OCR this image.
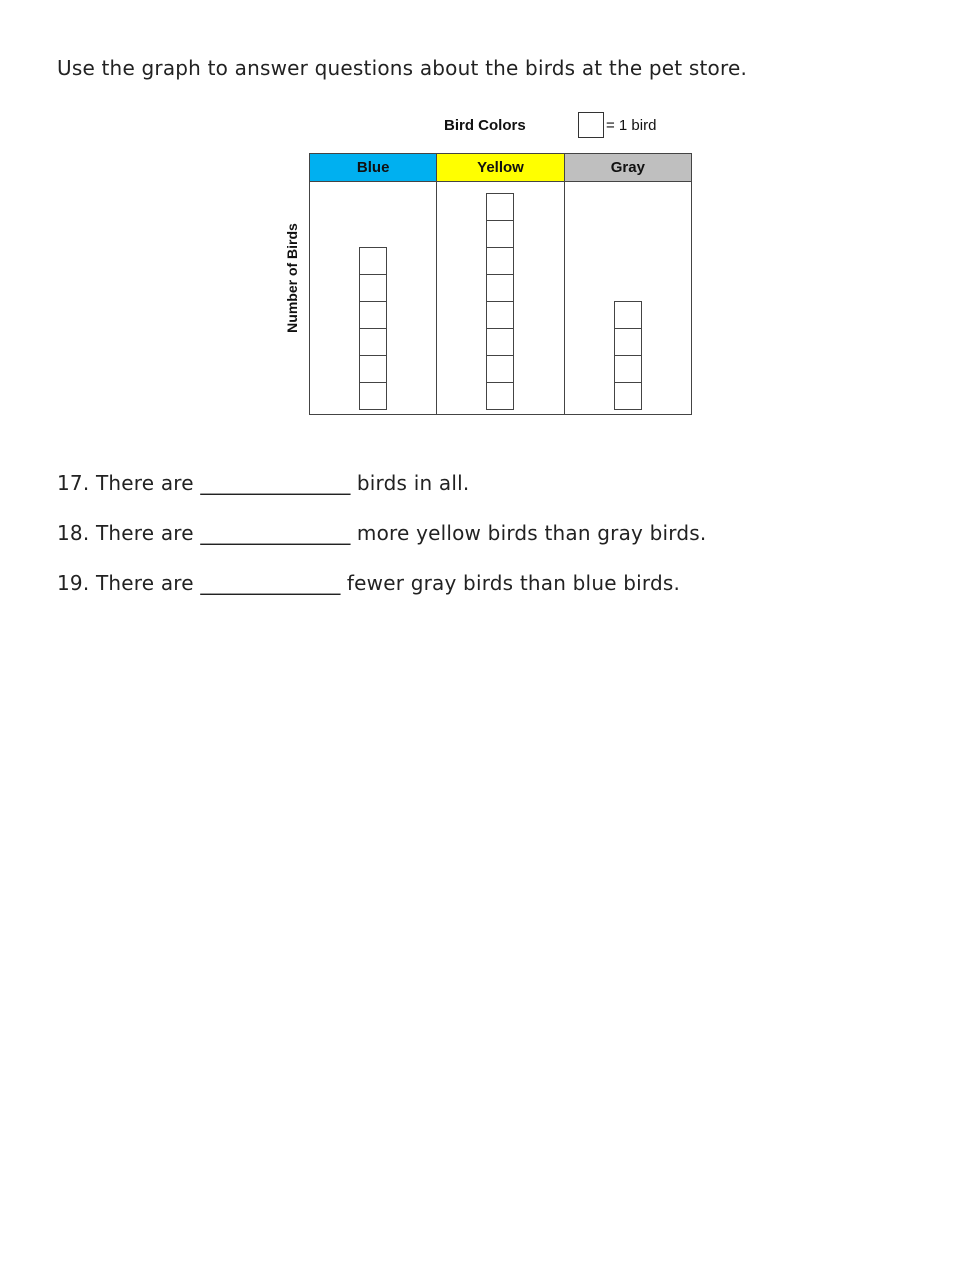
Use the graph to answer questions about the birds at the pet store.
Bird Colors	= 1 bird
Number of Birds
Blue	Yellow	Gray
17. There are _______________ birds in all.
18. There are _______________ more yellow birds than gray birds.
19. There are ______________ fewer gray birds than blue birds.
